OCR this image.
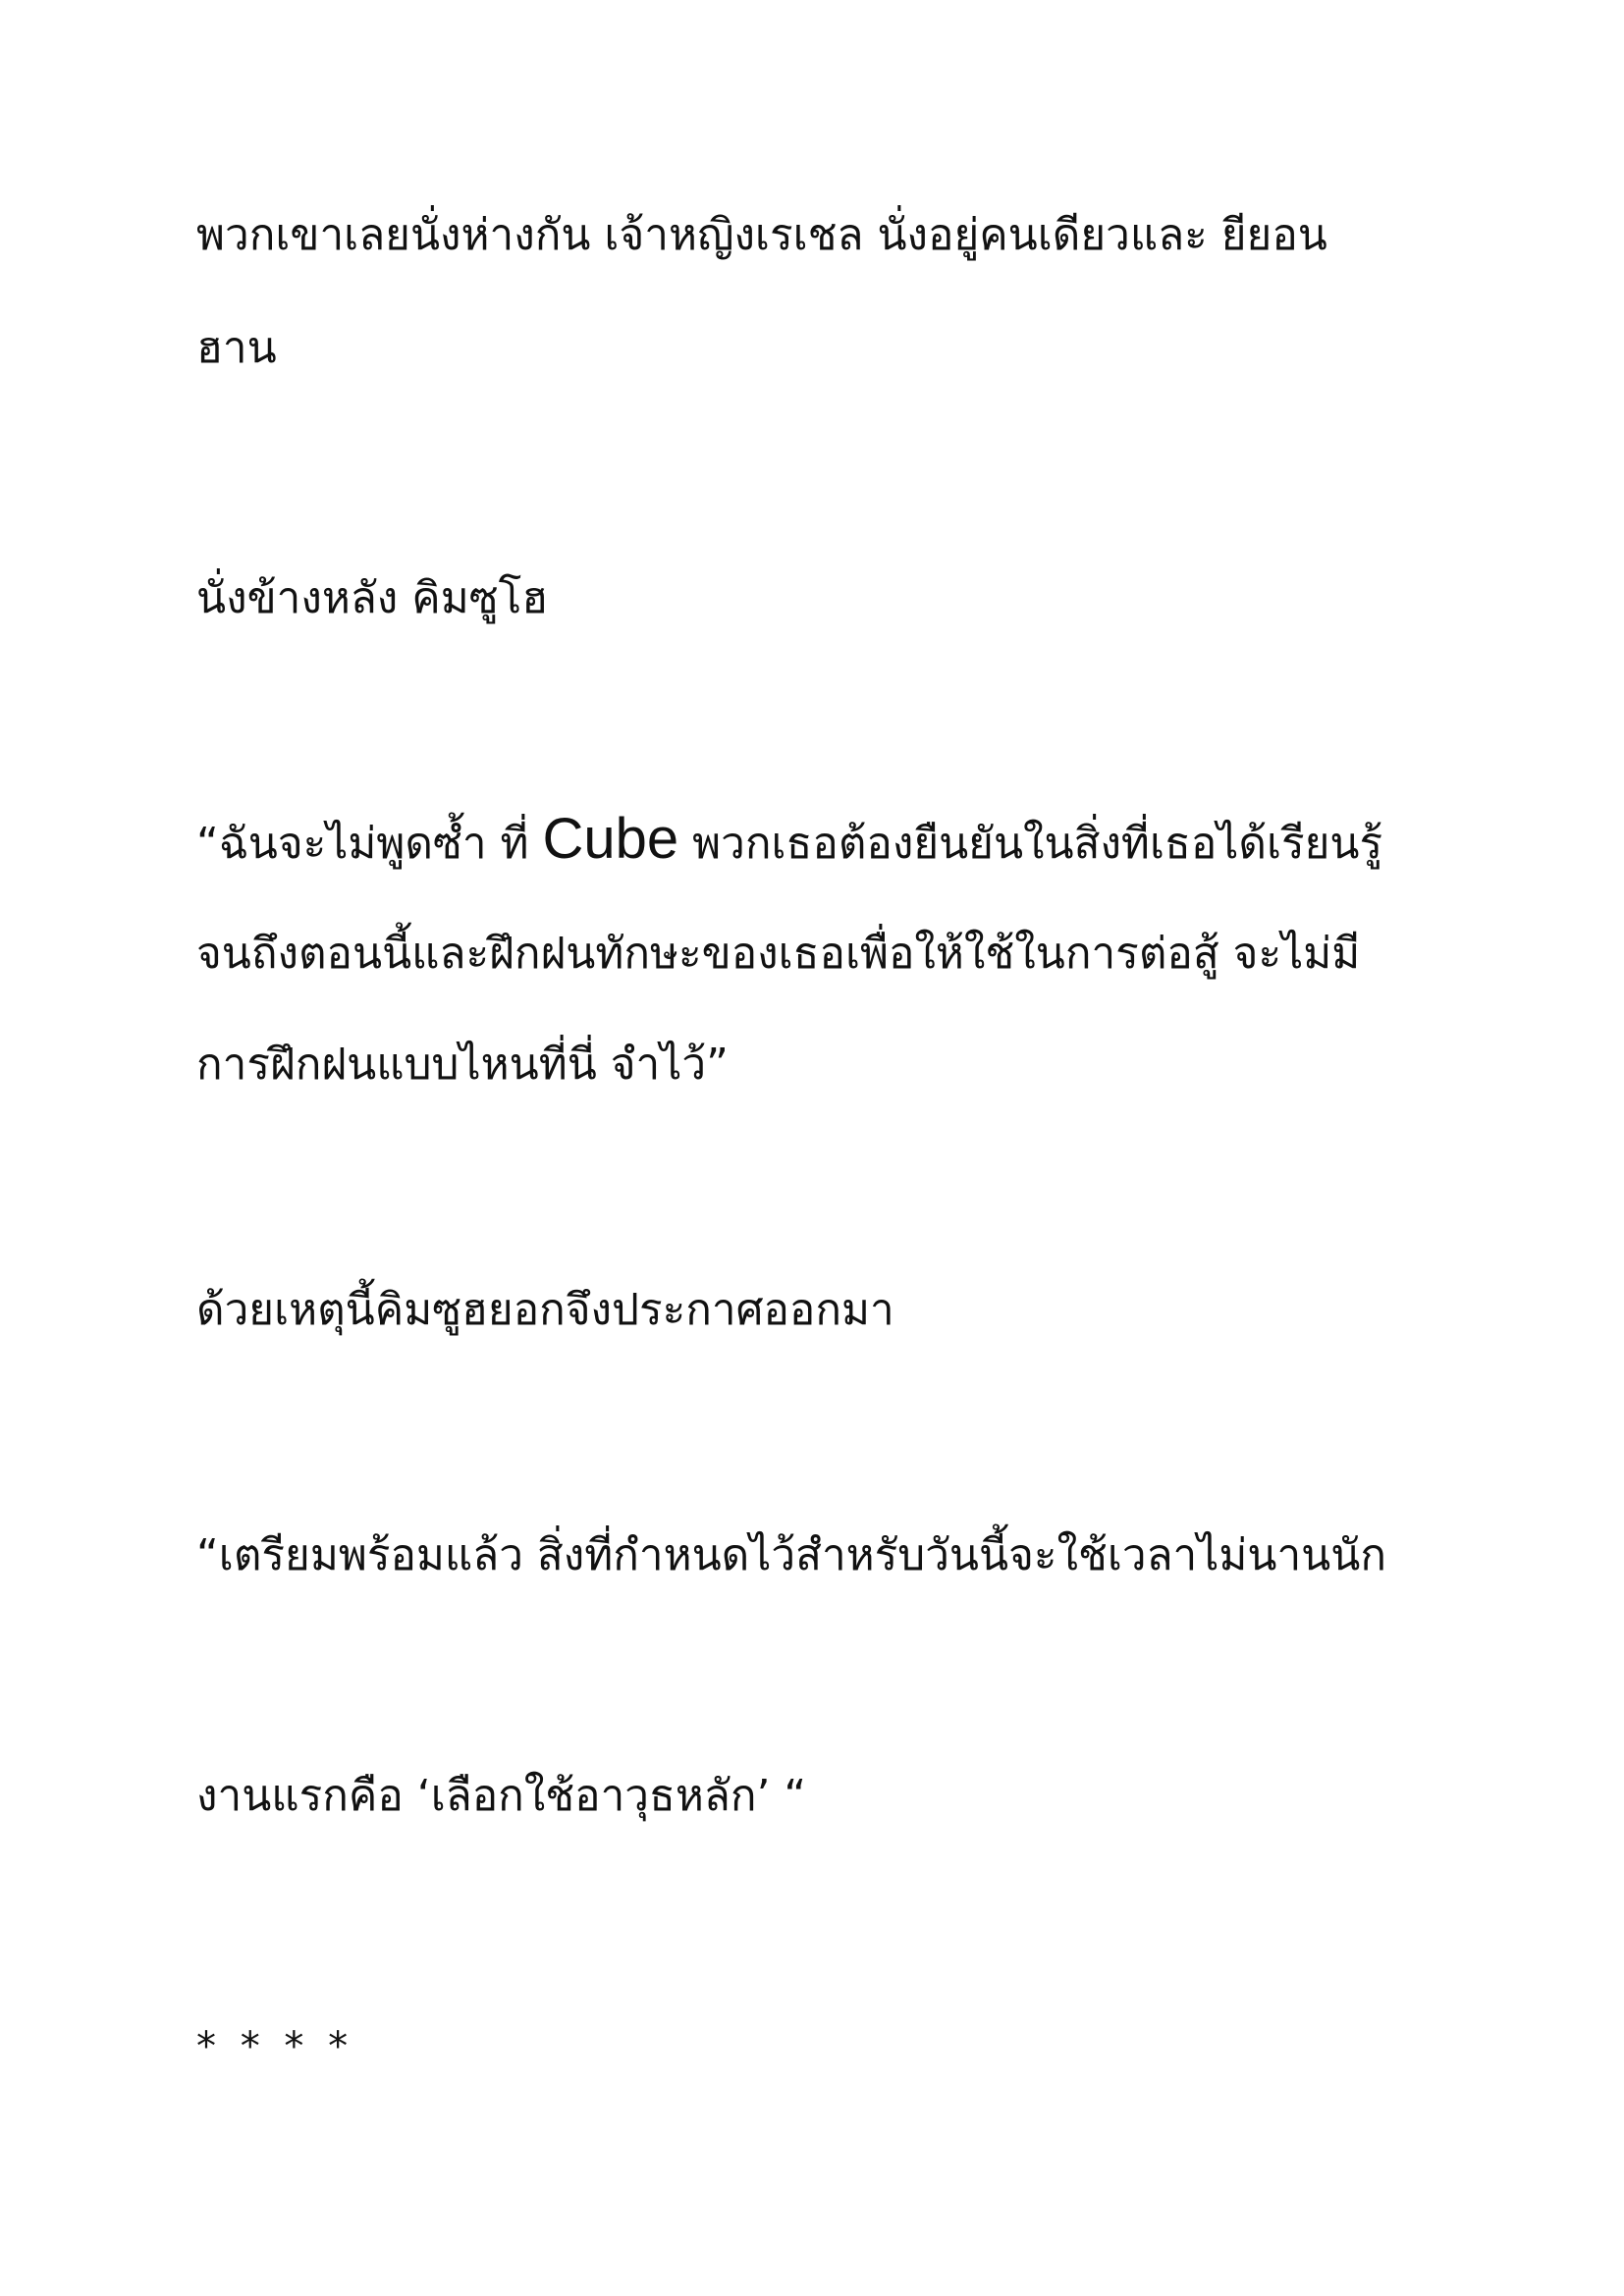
พวกเขาเลยนั่งห่างกัน เจ้าหญิงเรเชล นั่งอยู่คนเดียวและ ยียอน
ฮาน
นั่งข้างหลัง คิมซูโฮ
“ฉันจะไม่พูดซ้ำ ที่ Cube พวกเธอต้องยืนยันในสิ่งที่เธอได้เรียนรู้
จนถึงตอนนี้และฝึกฝนทักษะของเธอเพื่อให้ใช้ในการต่อสู้ จะไม่มี
การฝึกฝนแบบไหนที่นี่ จำไว้”
ด้วยเหตุนี้คิมซูฮยอกจึงประกาศออกมา
“เตรียมพร้อมแล้ว สิ่งที่กำหนดไว้สำหรับวันนี้จะใช้เวลาไม่นานนัก
งานแรกคือ ‘เลือกใช้อาวุธหลัก’ “
* * * *
